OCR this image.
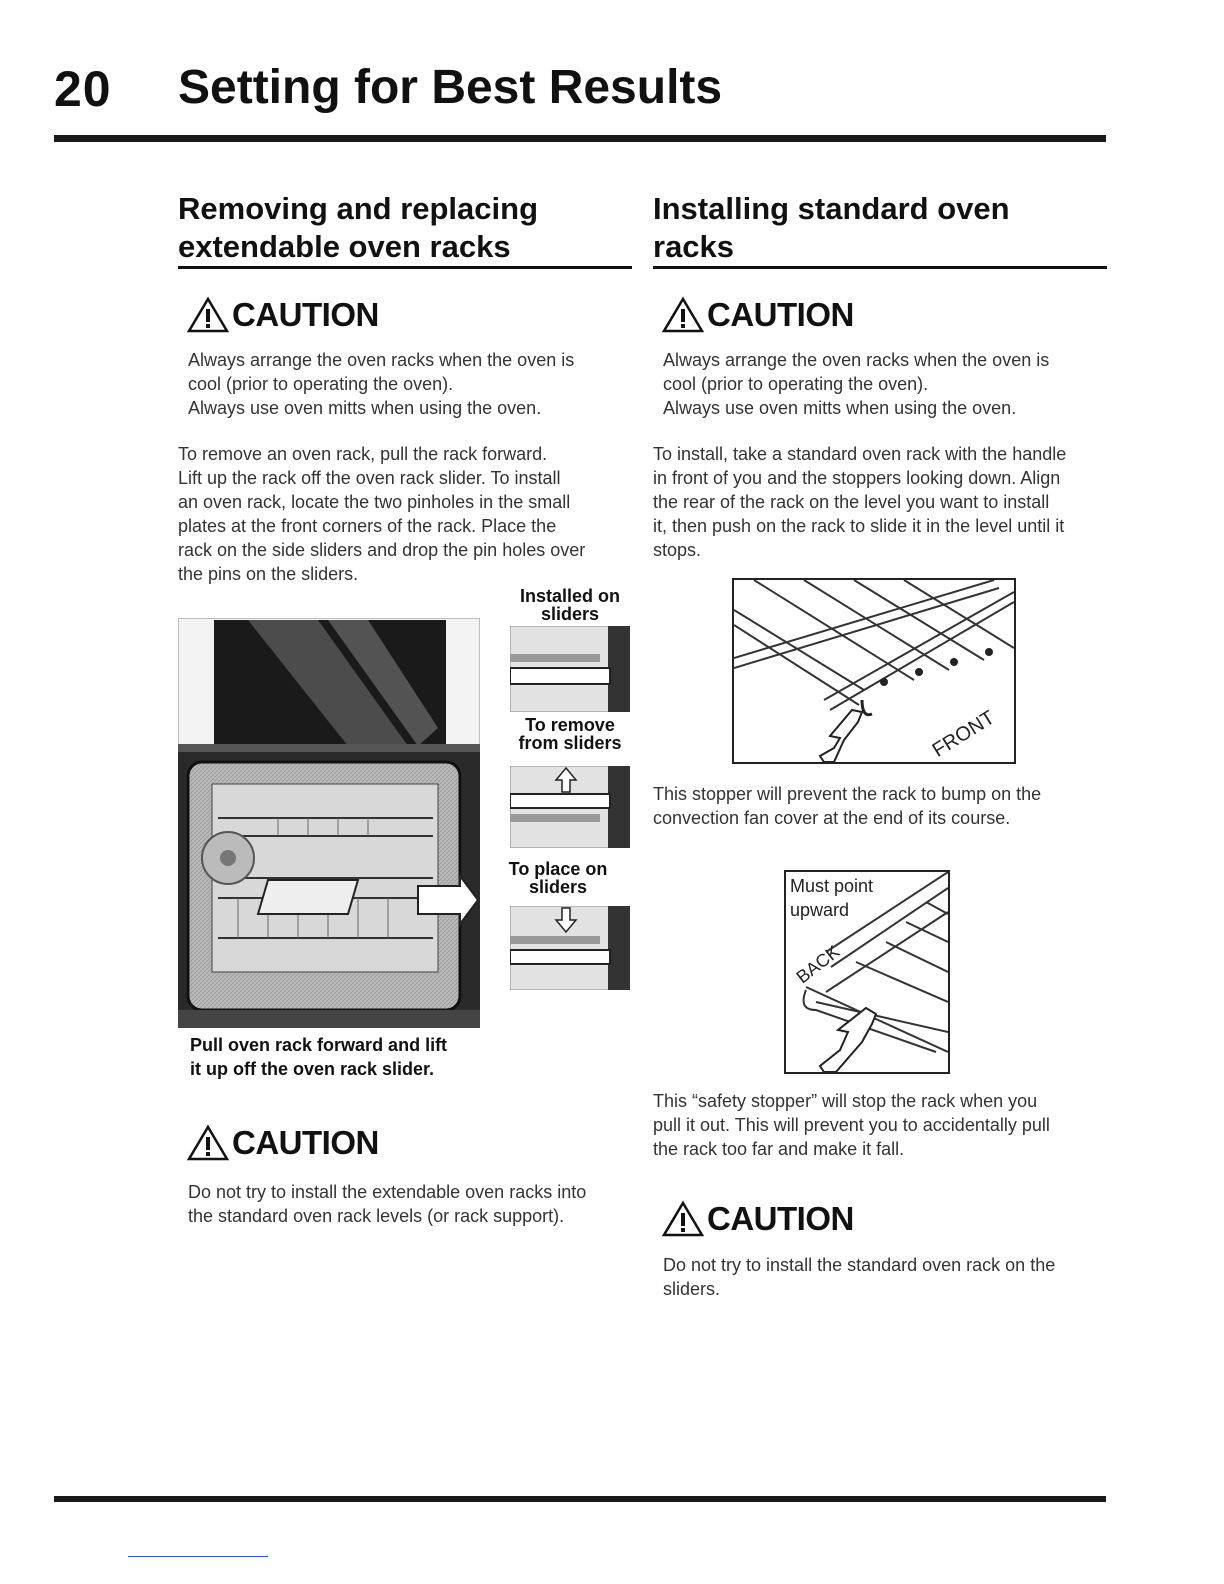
20 Setting for Best Results
Removing and replacing
extendable oven racks
CAUTION
Always arrange the oven racks when the oven is
cool (prior to operating the oven).
Always use oven mitts when using the oven.
To remove an oven rack, pull the rack forward.
Lift up the rack off the oven rack slider. To install
an oven rack, locate the two pinholes in the small
plates at the front corners of the rack. Place the
rack on the side sliders and drop the pin holes over
the pins on the sliders.
Installed on
sliders
To remove
from sliders
To place on
sliders
Pull oven rack forward and lift
it up off the oven rack slider.
CAUTION
Do not try to install the extendable oven racks into
the standard oven rack levels (or rack support).
Installing standard oven
racks
CAUTION
Always arrange the oven racks when the oven is
cool (prior to operating the oven).
Always use oven mitts when using the oven.
To install, take a standard oven rack with the handle
in front of you and the stoppers looking down. Align
the rear of the rack on the level you want to install
it, then push on the rack to slide it in the level until it
stops.
FRONT
This stopper will prevent the rack to bump on the
convection fan cover at the end of its course.
BACK
Must point
upward
This “safety stopper” will stop the rack when you
pull it out. This will prevent you to accidentally pull
the rack too far and make it fall.
CAUTION
Do not try to install the standard oven rack on the
sliders.
